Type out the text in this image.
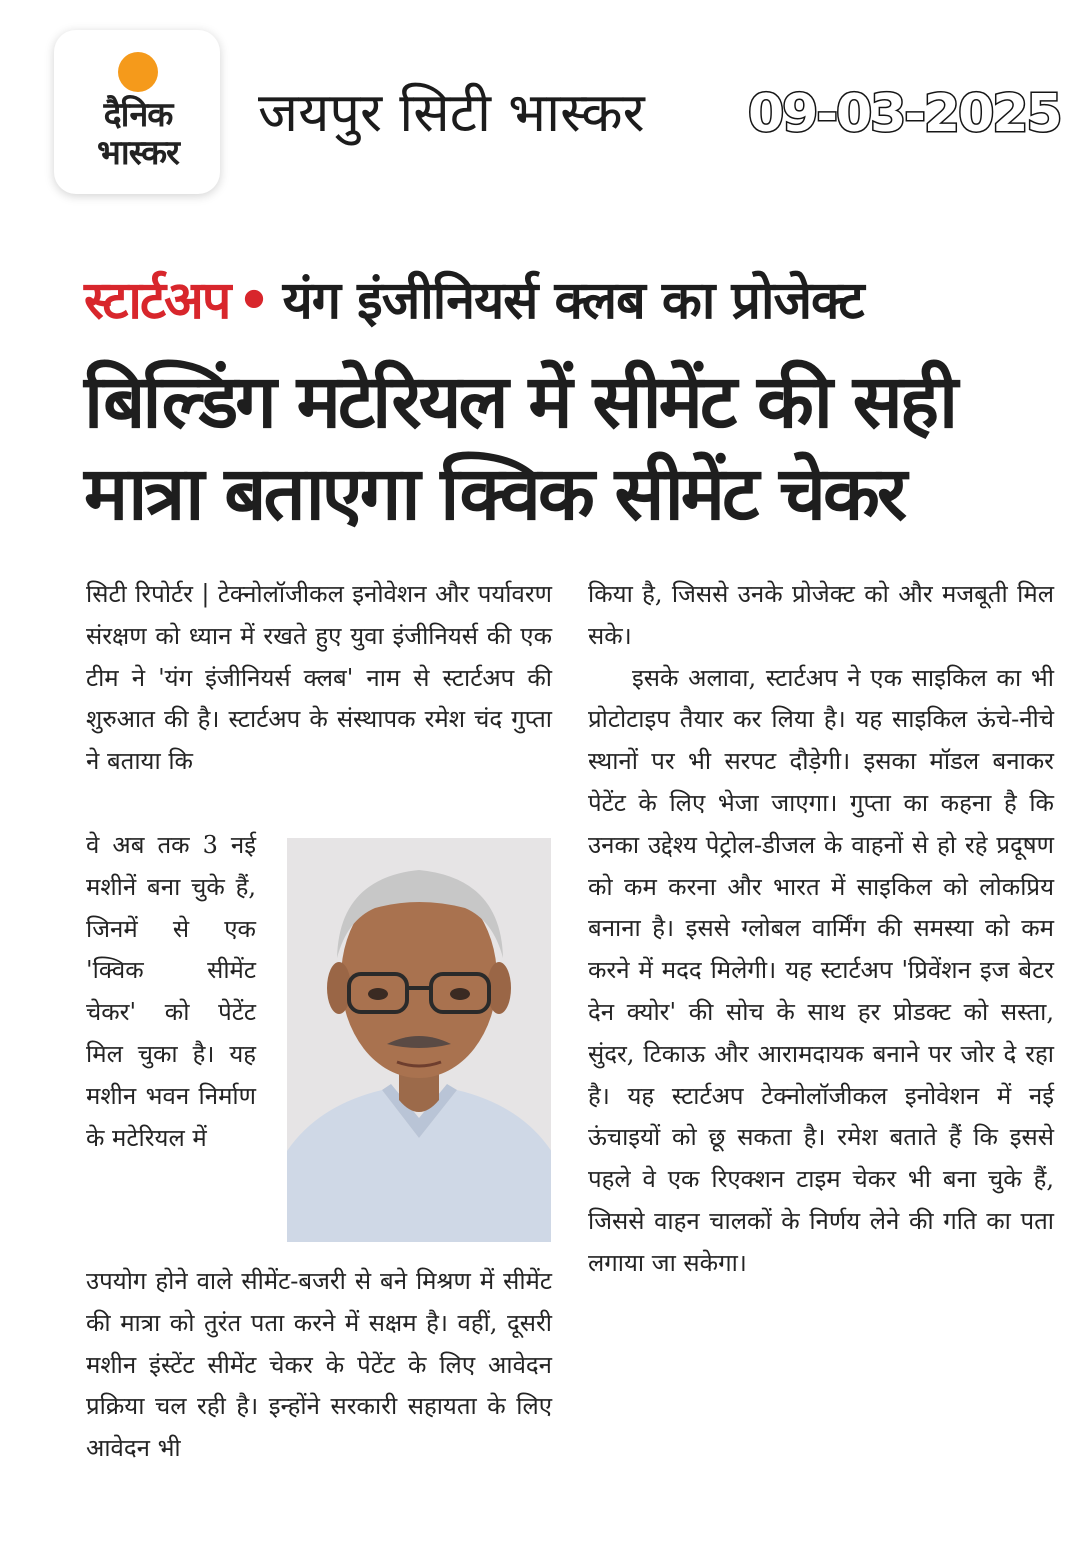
दैनिक
भास्कर
जयपुर सिटी भास्कर 09-03-2025
स्टार्टअप • यंग इंजीनियर्स क्लब का प्रोजेक्ट
बिल्डिंग मटेरियल में सीमेंट की सही
मात्रा बताएगा क्विक सीमेंट चेकर

सिटी रिपोर्टर | टेक्नोलॉजीकल इनोवेशन और पर्यावरण संरक्षण को ध्यान में रखते हुए युवा इंजीनियर्स की एक टीम ने 'यंग इंजीनियर्स क्लब' नाम से स्टार्टअप की शुरुआत की है। स्टार्टअप के संस्थापक रमेश चंद गुप्ता ने बताया कि

वे अब तक 3 नई मशीनें बना चुके हैं, जिनमें से एक 'क्विक सीमेंट चेकर' को पेटेंट मिल चुका है। यह मशीन भवन निर्माण के मटेरियल में

उपयोग होने वाले सीमेंट-बजरी से बने मिश्रण में सीमेंट की मात्रा को तुरंत पता करने में सक्षम है। वहीं, दूसरी मशीन इंस्टेंट सीमेंट चेकर के पेटेंट के लिए आवेदन प्रक्रिया चल रही है। इन्होंने सरकारी सहायता के लिए आवेदन भी

किया है, जिससे उनके प्रोजेक्ट को और मजबूती मिल सके।

इसके अलावा, स्टार्टअप ने एक साइकिल का भी प्रोटोटाइप तैयार कर लिया है। यह साइकिल ऊंचे-नीचे स्थानों पर भी सरपट दौड़ेगी। इसका मॉडल बनाकर पेटेंट के लिए भेजा जाएगा। गुप्ता का कहना है कि उनका उद्देश्य पेट्रोल-डीजल के वाहनों से हो रहे प्रदूषण को कम करना और भारत में साइकिल को लोकप्रिय बनाना है। इससे ग्लोबल वार्मिंग की समस्या को कम करने में मदद मिलेगी। यह स्टार्टअप 'प्रिवेंशन इज बेटर देन क्योर' की सोच के साथ हर प्रोडक्ट को सस्ता, सुंदर, टिकाऊ और आरामदायक बनाने पर जोर दे रहा है। यह स्टार्टअप टेक्नोलॉजीकल इनोवेशन में नई ऊंचाइयों को छू सकता है। रमेश बताते हैं कि इससे पहले वे एक रिएक्शन टाइम चेकर भी बना चुके हैं, जिससे वाहन चालकों के निर्णय लेने की गति का पता लगाया जा सकेगा।
